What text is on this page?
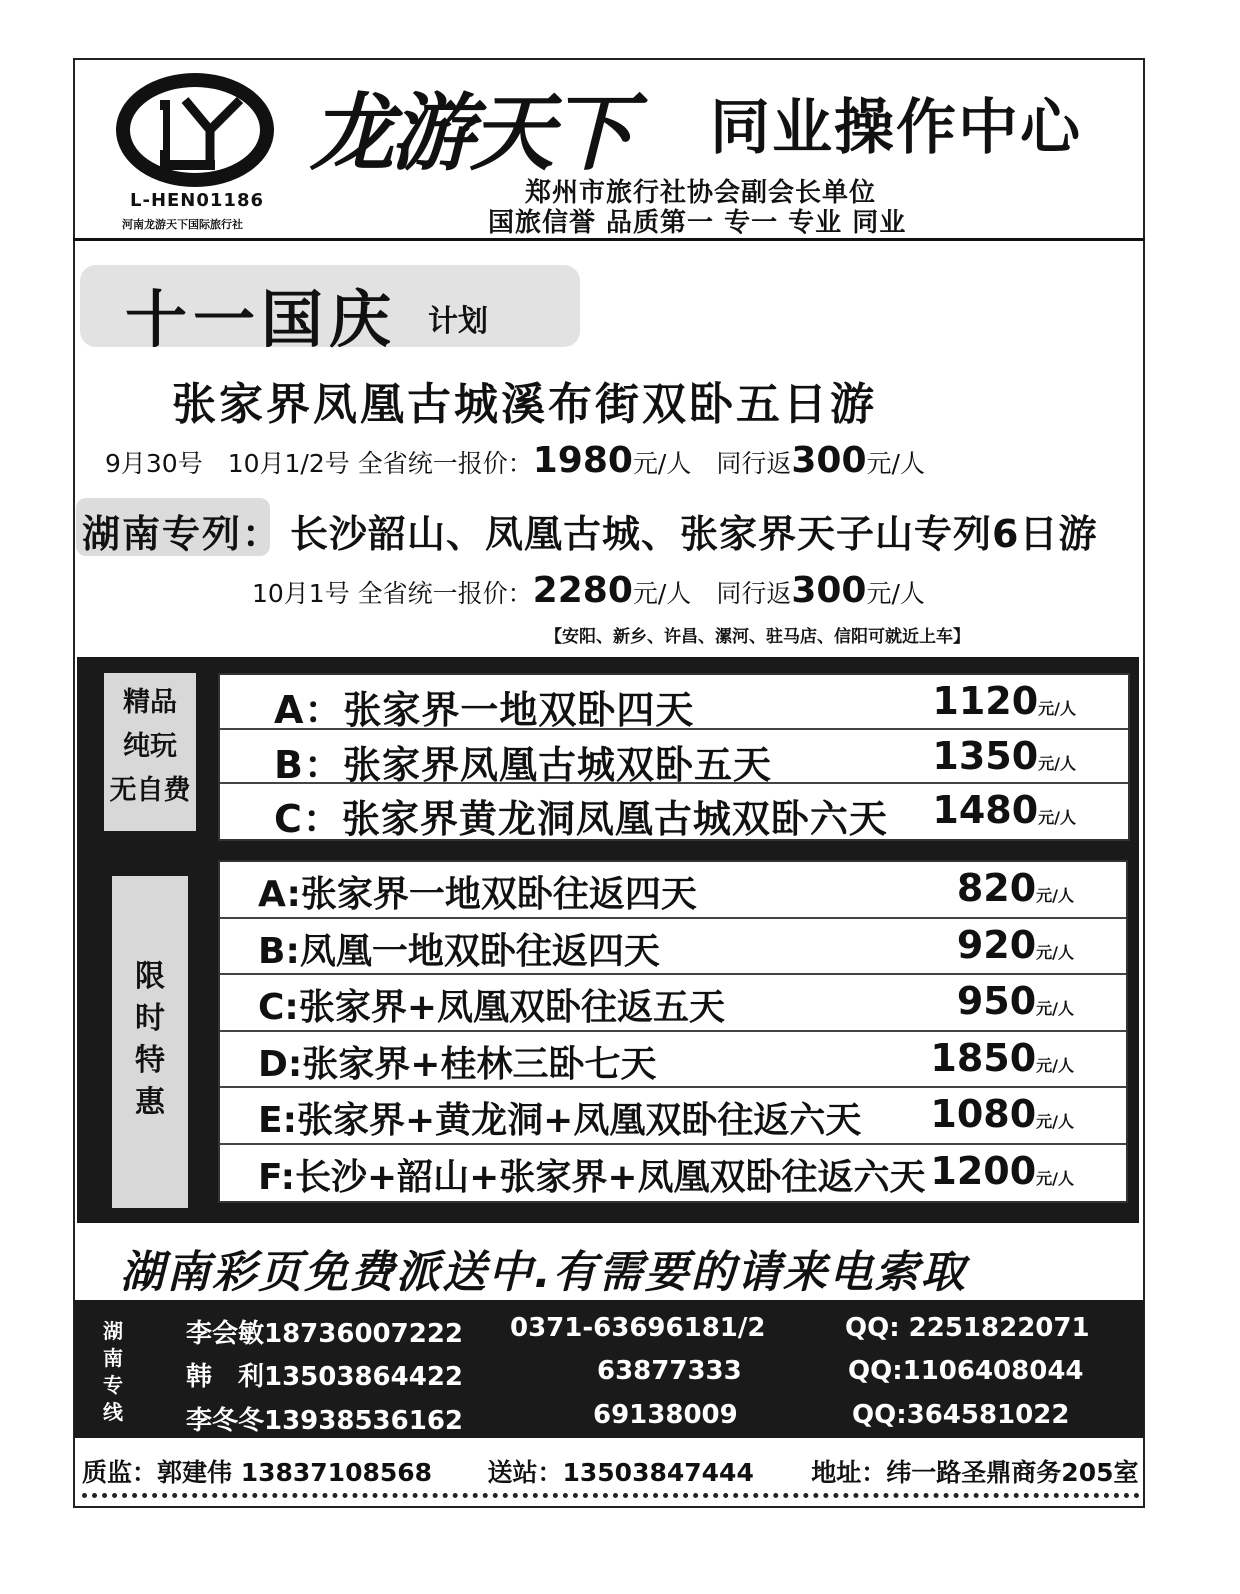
L-HEN01186
河南龙游天下国际旅行社
龙游天下 同业操作中心
郑州市旅行社协会副会长单位
国旅信誉 品质第一 专一 专业 同业
十一国庆 计划
张家界凤凰古城溪布街双卧五日游
9月30号　10月1/2号 全省统一报价：1980元/人　同行返300元/人
湖南专列： 长沙韶山、凤凰古城、张家界天子山专列6日游
10月1号 全省统一报价：2280元/人　同行返300元/人
【安阳、新乡、许昌、漯河、驻马店、信阳可就近上车】
精品
纯玩
无自费
A：张家界一地双卧四天	1120元/人
B：张家界凤凰古城双卧五天	1350元/人
C：张家界黄龙洞凤凰古城双卧六天 1480元/人
限
时
特
惠
A:张家界一地双卧往返四天	820元/人
B:凤凰一地双卧往返四天	920元/人
C:张家界+凤凰双卧往返五天	950元/人
D:张家界+桂林三卧七天	1850元/人
E:张家界+黄龙洞+凤凰双卧往返六天 1080元/人
F:长沙+韶山+张家界+凤凰双卧往返六天 1200元/人
湖南彩页免费派送中.有需要的请来电索取
湖
南
专
线
李会敏18736007222 0371-63696181/2	QQ: 2251822071
韩　利13503864422	63877333	QQ:1106408044
李冬冬13938536162	69138009	QQ:364581022
质监：郭建伟 13837108568 送站：13503847444 地址：纬一路圣鼎商务205室
